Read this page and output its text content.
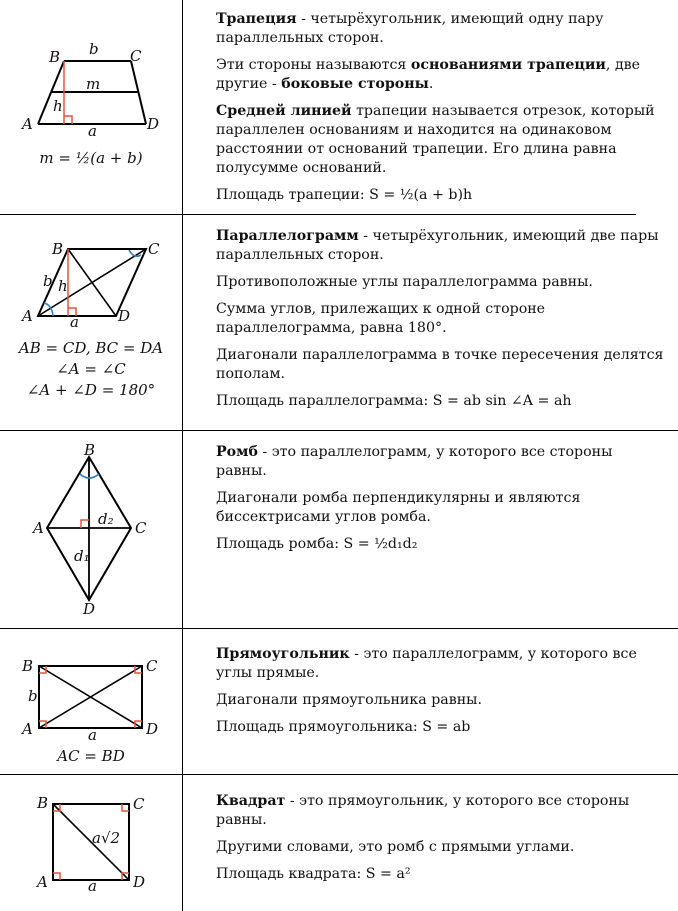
B b C
m
h
A	a	D
m = ½(a + b)

Трапеция - четырёхугольник, имеющий одну пару параллельных сторон.

Эти стороны называются основаниями трапеции, две другие - боковые стороны.

Средней линией трапеции называется отрезок, который параллелен основаниям и находится на одинаковом расстоянии от оснований трапеции. Его длина равна полусумме оснований.

Площадь трапеции: S = ½(a + b)h

B	C
b h
A a	D
AB = CD, BC = DA
∠A = ∠C
∠A + ∠D = 180°

Параллелограмм - четырёхугольник, имеющий две пары параллельных сторон.

Противоположные углы параллелограмма равны.

Сумма углов, прилежащих к одной стороне параллелограмма, равна 180°.

Диагонали параллелограмма в точке пересечения делятся пополам.

Площадь параллелограмма: S = ab sin ∠A = ah

B
A	d₂ C
d₁
D

Ромб - это параллелограмм, у которого все стороны равны.

Диагонали ромба перпендикулярны и являются биссектрисами углов ромба.

Площадь ромба: S = ½d₁d₂

B	C
b
A	a	D
AC = BD

Прямоугольник - это параллелограмм, у которого все углы прямые.

Диагонали прямоугольника равны.

Площадь прямоугольника: S = ab

B	C
a√2
A	a D

Квадрат - это прямоугольник, у которого все стороны равны.

Другими словами, это ромб с прямыми углами.

Площадь квадрата: S = a²
